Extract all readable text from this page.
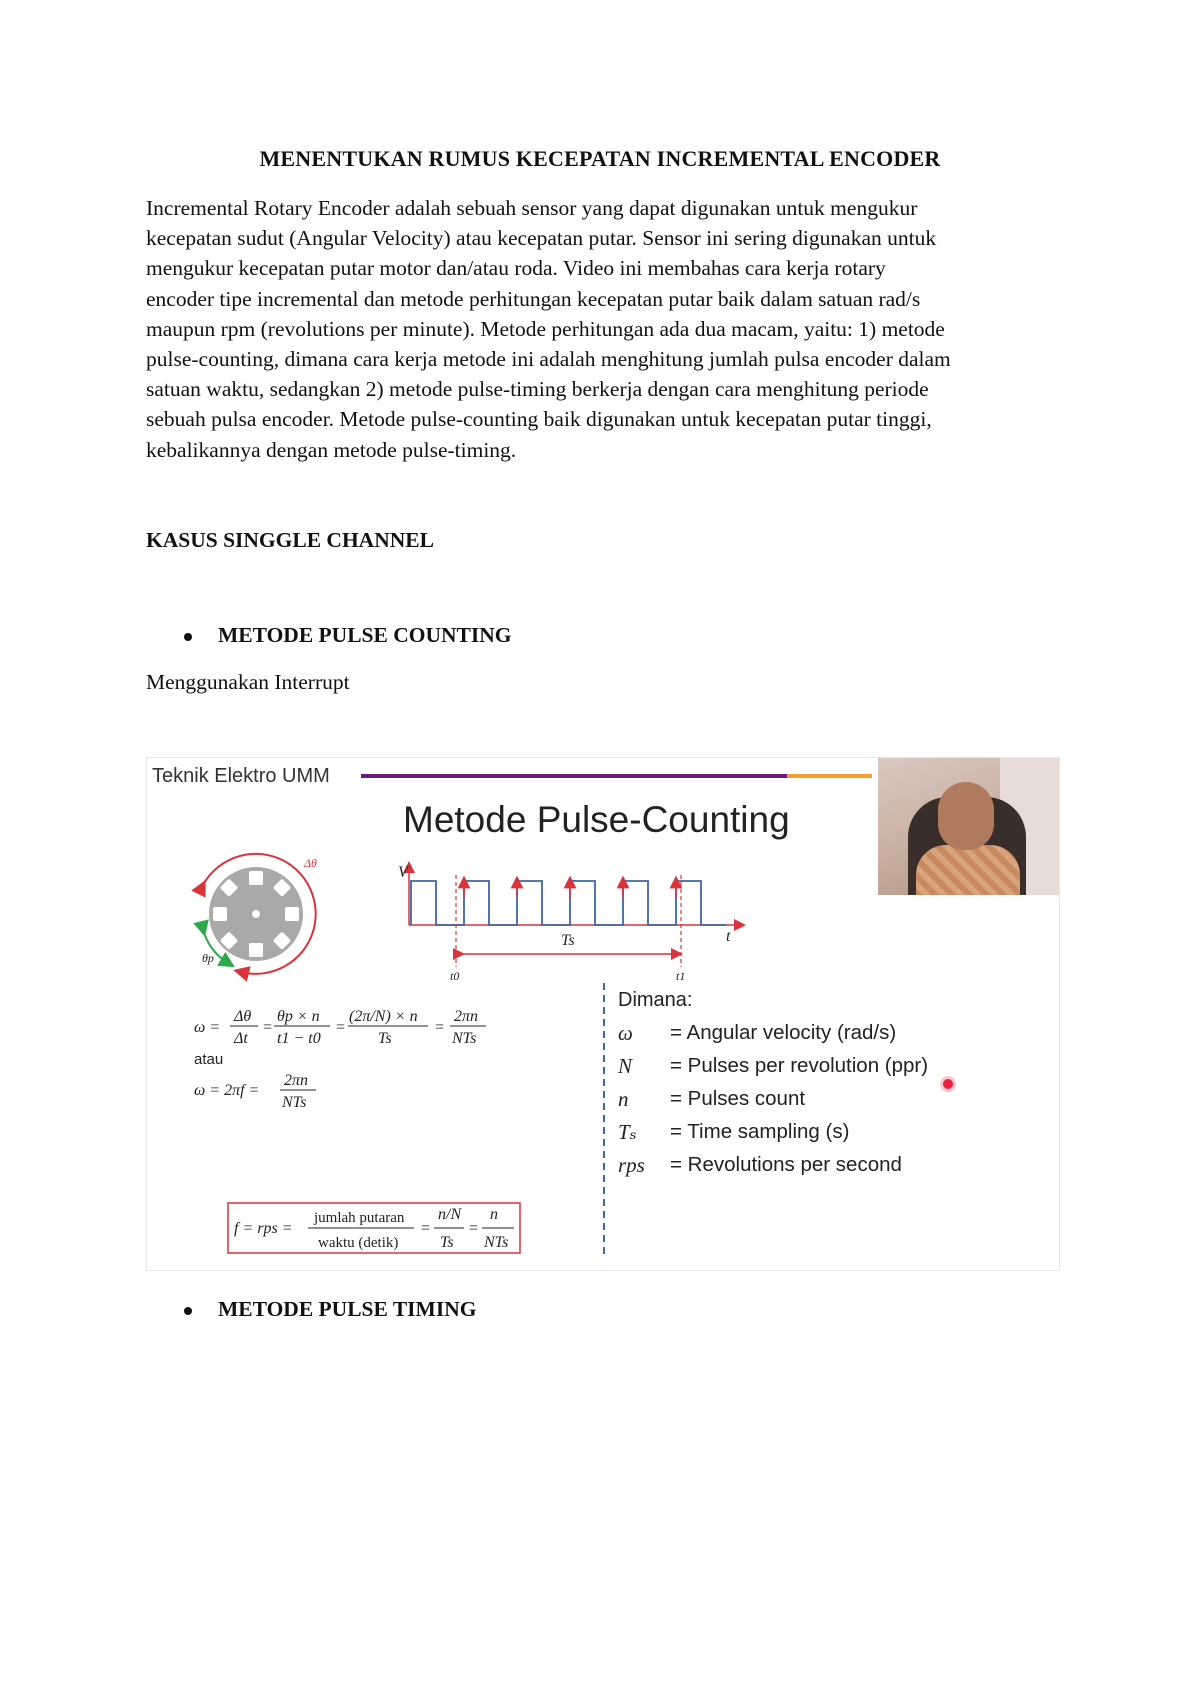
MENENTUKAN RUMUS KECEPATAN INCREMENTAL ENCODER
Incremental Rotary Encoder adalah sebuah sensor yang dapat digunakan untuk mengukur
kecepatan sudut (Angular Velocity) atau kecepatan putar. Sensor ini sering digunakan untuk
mengukur kecepatan putar motor dan/atau roda. Video ini membahas cara kerja rotary
encoder tipe incremental dan metode perhitungan kecepatan putar baik dalam satuan rad/s
maupun rpm (revolutions per minute). Metode perhitungan ada dua macam, yaitu: 1) metode
pulse-counting, dimana cara kerja metode ini adalah menghitung jumlah pulsa encoder dalam
satuan waktu, sedangkan 2) metode pulse-timing berkerja dengan cara menghitung periode
sebuah pulsa encoder. Metode pulse-counting baik digunakan untuk kecepatan putar tinggi,
kebalikannya dengan metode pulse-timing.
KASUS SINGGLE CHANNEL
METODE PULSE COUNTING
Menggunakan Interrupt
Teknik Elektro UMM
Metode Pulse-Counting
Δθ
θp
V
t
Ts
t0	t1
ω =
Δθ
Δt
=
θp × n
t1 − t0
=
(2π/N) × n
Ts
=
2πn
NTs
atau
ω = 2πf =
2πn
NTs
f = rps =	=
n/N
Ts
=
n
NTs
jumlah putaran
waktu (detik)
Dimana:
ω	= Angular velocity (rad/s)
N	= Pulses per revolution (ppr)
n	= Pulses count
Tₛ	= Time sampling (s)
rps	= Revolutions per second
METODE PULSE TIMING
